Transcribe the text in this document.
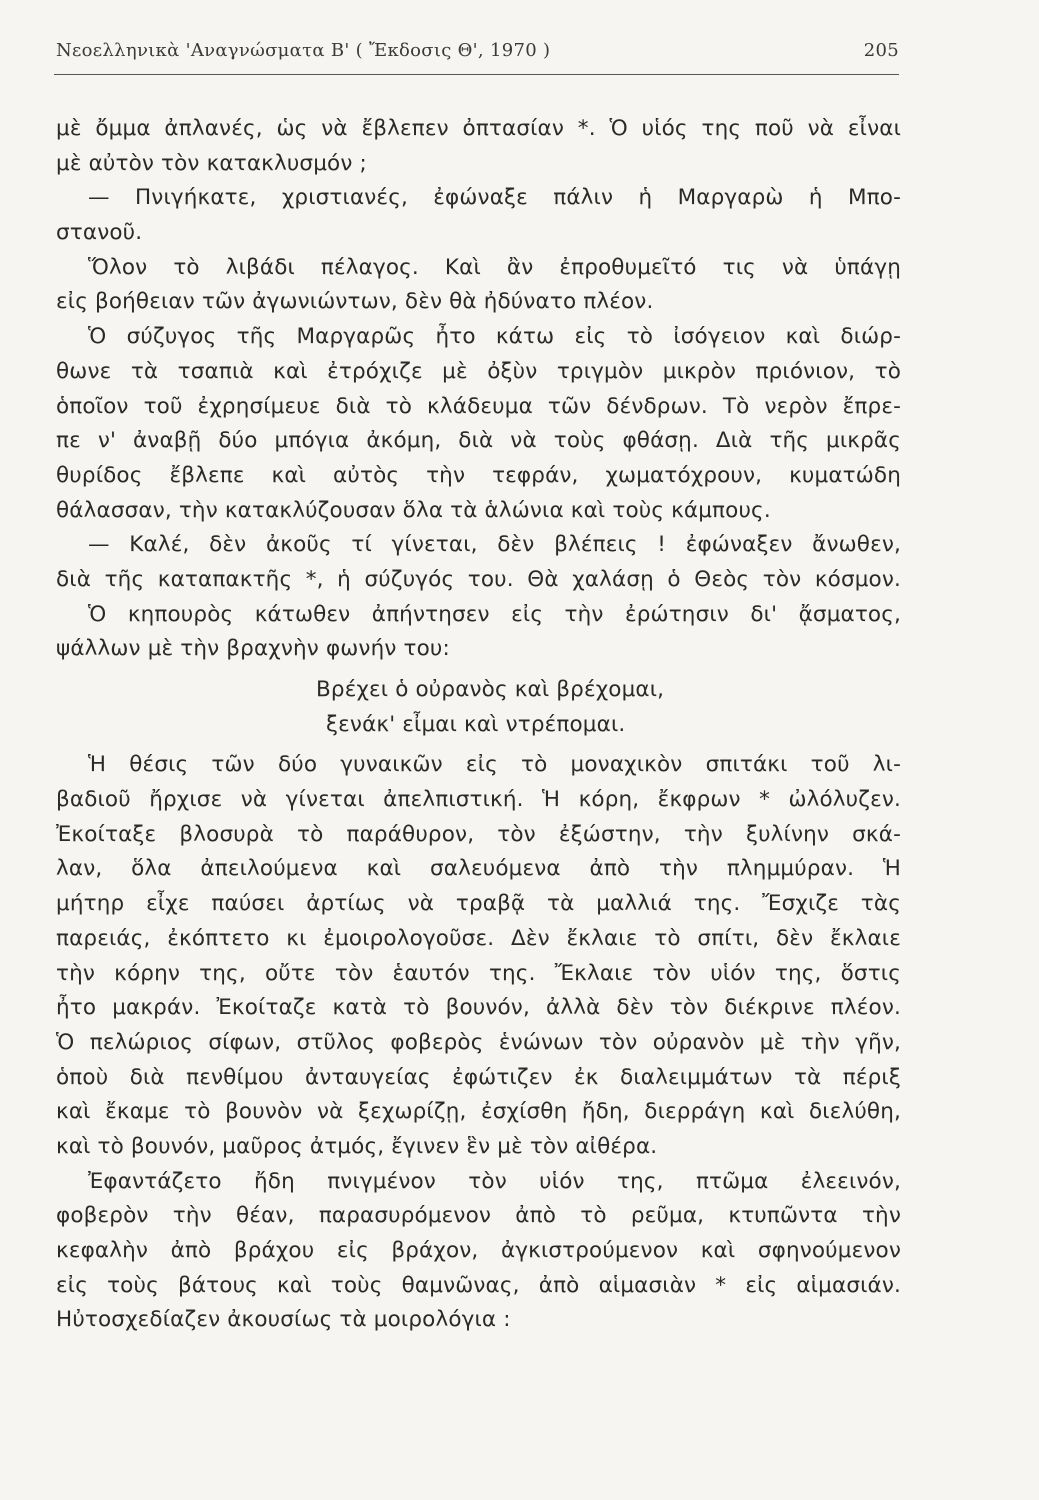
Νεοελληνικὰ 'Αναγνώσματα Β' ( Ἔκδοσις Θ', 1970 )	205
μὲ ὄμμα ἀπλανές, ὡς νὰ ἔβλεπεν ὀπτασίαν *. Ὁ υἱός της ποῦ νὰ εἶναι
μὲ αὐτὸν τὸν κατακλυσμόν ;
— Πνιγήκατε, χριστιανές, ἐφώναξε πάλιν ἡ Μαργαρὼ ἡ Μπο-
στανοῦ.
Ὅλον τὸ λιβάδι πέλαγος. Καὶ ἂν ἐπροθυμεῖτό τις νὰ ὑπάγῃ
εἰς βοήθειαν τῶν ἀγωνιώντων, δὲν θὰ ἠδύνατο πλέον.
Ὁ σύζυγος τῆς Μαργαρῶς ἦτο κάτω εἰς τὸ ἰσόγειον καὶ διώρ-
θωνε τὰ τσαπιὰ καὶ ἐτρόχιζε μὲ ὀξὺν τριγμὸν μικρὸν πριόνιον, τὸ
ὁποῖον τοῦ ἐχρησίμευε διὰ τὸ κλάδευμα τῶν δένδρων. Τὸ νερὸν ἔπρε-
πε ν' ἀναβῇ δύο μπόγια ἀκόμη, διὰ νὰ τοὺς φθάσῃ. Διὰ τῆς μικρᾶς
θυρίδος ἔβλεπε καὶ αὐτὸς τὴν τεφράν, χωματόχρουν, κυματώδη
θάλασσαν, τὴν κατακλύζουσαν ὅλα τὰ ἁλώνια καὶ τοὺς κάμπους.
— Καλέ, δὲν ἀκοῦς τί γίνεται, δὲν βλέπεις ! ἐφώναξεν ἄνωθεν,
διὰ τῆς καταπακτῆς *, ἡ σύζυγός του. Θὰ χαλάσῃ ὁ Θεὸς τὸν κόσμον.
Ὁ κηπουρὸς κάτωθεν ἀπήντησεν εἰς τὴν ἐρώτησιν δι' ᾄσματος,
ψάλλων μὲ τὴν βραχνὴν φωνήν του:
Βρέχει ὁ οὐρανὸς καὶ βρέχομαι,
ξενάκ' εἶμαι καὶ ντρέπομαι.
Ἡ θέσις τῶν δύο γυναικῶν εἰς τὸ μοναχικὸν σπιτάκι τοῦ λι-
βαδιοῦ ἤρχισε νὰ γίνεται ἀπελπιστική. Ἡ κόρη, ἔκφρων * ὠλόλυζεν.
Ἐκοίταξε βλοσυρὰ τὸ παράθυρον, τὸν ἐξώστην, τὴν ξυλίνην σκά-
λαν, ὅλα ἀπειλούμενα καὶ σαλευόμενα ἀπὸ τὴν πλημμύραν. Ἡ
μήτηρ εἶχε παύσει ἀρτίως νὰ τραβᾷ τὰ μαλλιά της. Ἔσχιζε τὰς
παρειάς, ἐκόπτετο κι ἐμοιρολογοῦσε. Δὲν ἔκλαιε τὸ σπίτι, δὲν ἔκλαιε
τὴν κόρην της, οὔτε τὸν ἑαυτόν της. Ἔκλαιε τὸν υἱόν της, ὅστις
ἦτο μακράν. Ἐκοίταζε κατὰ τὸ βουνόν, ἀλλὰ δὲν τὸν διέκρινε πλέον.
Ὁ πελώριος σίφων, στῦλος φοβερὸς ἑνώνων τὸν οὐρανὸν μὲ τὴν γῆν,
ὁποὺ διὰ πενθίμου ἀνταυγείας ἐφώτιζεν ἐκ διαλειμμάτων τὰ πέριξ
καὶ ἔκαμε τὸ βουνὸν νὰ ξεχωρίζῃ, ἐσχίσθη ἤδη, διερράγη καὶ διελύθη,
καὶ τὸ βουνόν, μαῦρος ἀτμός, ἔγινεν ἓν μὲ τὸν αἰθέρα.
Ἐφαντάζετο ἤδη πνιγμένον τὸν υἱόν της, πτῶμα ἐλεεινόν,
φοβερὸν τὴν θέαν, παρασυρόμενον ἀπὸ τὸ ρεῦμα, κτυπῶντα τὴν
κεφαλὴν ἀπὸ βράχου εἰς βράχον, ἀγκιστρούμενον καὶ σφηνούμενον
εἰς τοὺς βάτους καὶ τοὺς θαμνῶνας, ἀπὸ αἱμασιὰν * εἰς αἱμασιάν.
Ηὐτοσχεδίαζεν ἀκουσίως τὰ μοιρολόγια :
